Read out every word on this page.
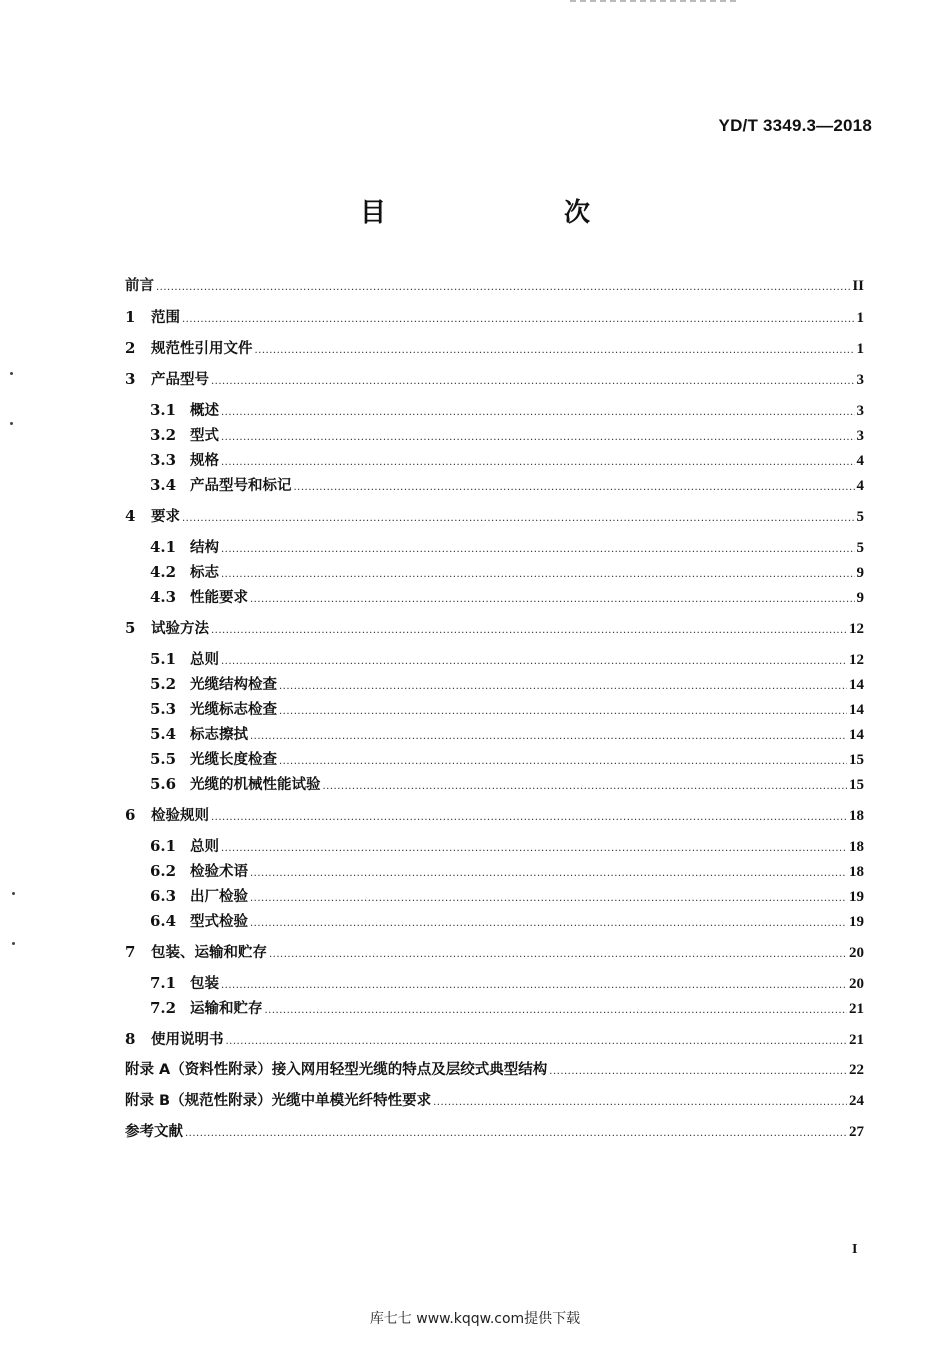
YD/T 3349.3—2018
目　　次
前言 .....	II
1	范围 .....	1
2	规范性引用文件 .....	1
3	产品型号 .....	3
3.1 概述 .....	3
3.2 型式 .....	3
3.3 规格 .....	4
3.4 产品型号和标记 .....	4
4	要求 .....	5
4.1 结构 .....	5
4.2 标志 .....	9
4.3 性能要求 .....	9
5	试验方法 .....	12
5.1 总则 .....	12
5.2 光缆结构检查 .....	14
5.3 光缆标志检查 .....	14
5.4 标志擦拭 .....	14
5.5 光缆长度检查 .....	15
5.6 光缆的机械性能试验 .....	15
6	检验规则 .....	18
6.1 总则 .....	18
6.2 检验术语 .....	18
6.3 出厂检验 .....	19
6.4 型式检验 .....	19
7	包装、运输和贮存 .....	20
7.1 包装 .....	20
7.2 运输和贮存 .....	21
8	使用说明书 .....	21
附录 A（资料性附录）接入网用轻型光缆的特点及层绞式典型结构 .....	22
附录 B（规范性附录）光缆中单模光纤特性要求 .....	24
参考文献 .....	27
I
库七七 www.kqqw.com提供下载
